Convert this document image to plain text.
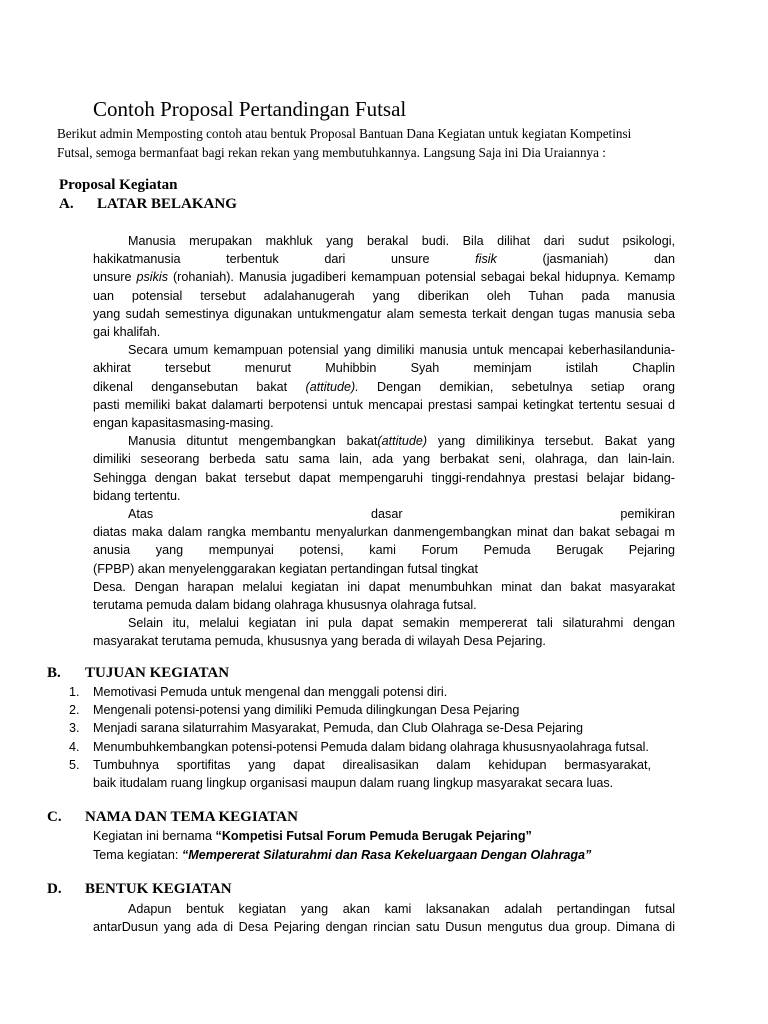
Contoh Proposal Pertandingan Futsal
Berikut admin Memposting contoh atau bentuk Proposal Bantuan Dana Kegiatan untuk kegiatan Kompetinsi
Futsal, semoga bermanfaat bagi rekan rekan yang membutuhkannya. Langsung Saja ini Dia Uraiannya :
Proposal Kegiatan
A. LATAR BELAKANG
Manusia merupakan makhluk yang berakal budi. Bila dilihat dari sudut psikologi,
hakikatmanusia terbentuk dari unsure fisik (jasmaniah) dan
unsure psikis (rohaniah). Manusia jugadiberi kemampuan potensial sebagai bekal hidupnya. Kemamp
uan potensial tersebut adalahanugerah yang diberikan oleh Tuhan pada manusia
yang sudah semestinya digunakan untukmengatur alam semesta terkait dengan tugas manusia seba
gai khalifah.
Secara umum kemampuan potensial yang dimiliki manusia untuk mencapai keberhasilandunia-
akhirat tersebut menurut Muhibbin Syah meminjam istilah Chaplin
dikenal dengansebutan bakat (attitude). Dengan demikian, sebetulnya setiap orang
pasti memiliki bakat dalamarti berpotensi untuk mencapai prestasi sampai ketingkat tertentu sesuai d
engan kapasitasmasing-masing.
Manusia dituntut mengembangkan bakat(attitude) yang dimilikinya tersebut. Bakat yang
dimiliki seseorang berbeda satu sama lain, ada yang berbakat seni, olahraga, dan lain-lain.
Sehingga dengan bakat tersebut dapat mempengaruhi tinggi-rendahnya prestasi belajar bidang-
bidang tertentu.
Atas dasar pemikiran
diatas maka dalam rangka membantu menyalurkan danmengembangkan minat dan bakat sebagai m
anusia yang mempunyai potensi, kami Forum Pemuda Berugak Pejaring
(FPBP) akan menyelenggarakan kegiatan pertandingan futsal tingkat
Desa. Dengan harapan melalui kegiatan ini dapat menumbuhkan minat dan bakat masyarakat
terutama pemuda dalam bidang olahraga khususnya olahraga futsal.
Selain itu, melalui kegiatan ini pula dapat semakin mempererat tali silaturahmi dengan
masyarakat terutama pemuda, khususnya yang berada di wilayah Desa Pejaring.
B. TUJUAN KEGIATAN
1. Memotivasi Pemuda untuk mengenal dan menggali potensi diri.
2. Mengenali potensi-potensi yang dimiliki Pemuda dilingkungan Desa Pejaring
3. Menjadi sarana silaturrahim Masyarakat, Pemuda, dan Club Olahraga se-Desa Pejaring
4. Menumbuhkembangkan potensi-potensi Pemuda dalam bidang olahraga khususnyaolahraga futsal.
5. Tumbuhnya sportifitas yang dapat direalisasikan dalam kehidupan bermasyarakat,
baik itudalam ruang lingkup organisasi maupun dalam ruang lingkup masyarakat secara luas.
C. NAMA DAN TEMA KEGIATAN
Kegiatan ini bernama “Kompetisi Futsal Forum Pemuda Berugak Pejaring”
Tema kegiatan: “Mempererat Silaturahmi dan Rasa Kekeluargaan Dengan Olahraga”
D. BENTUK KEGIATAN
Adapun bentuk kegiatan yang akan kami laksanakan adalah pertandingan futsal
antarDusun yang ada di Desa Pejaring dengan rincian satu Dusun mengutus dua group. Dimana di
